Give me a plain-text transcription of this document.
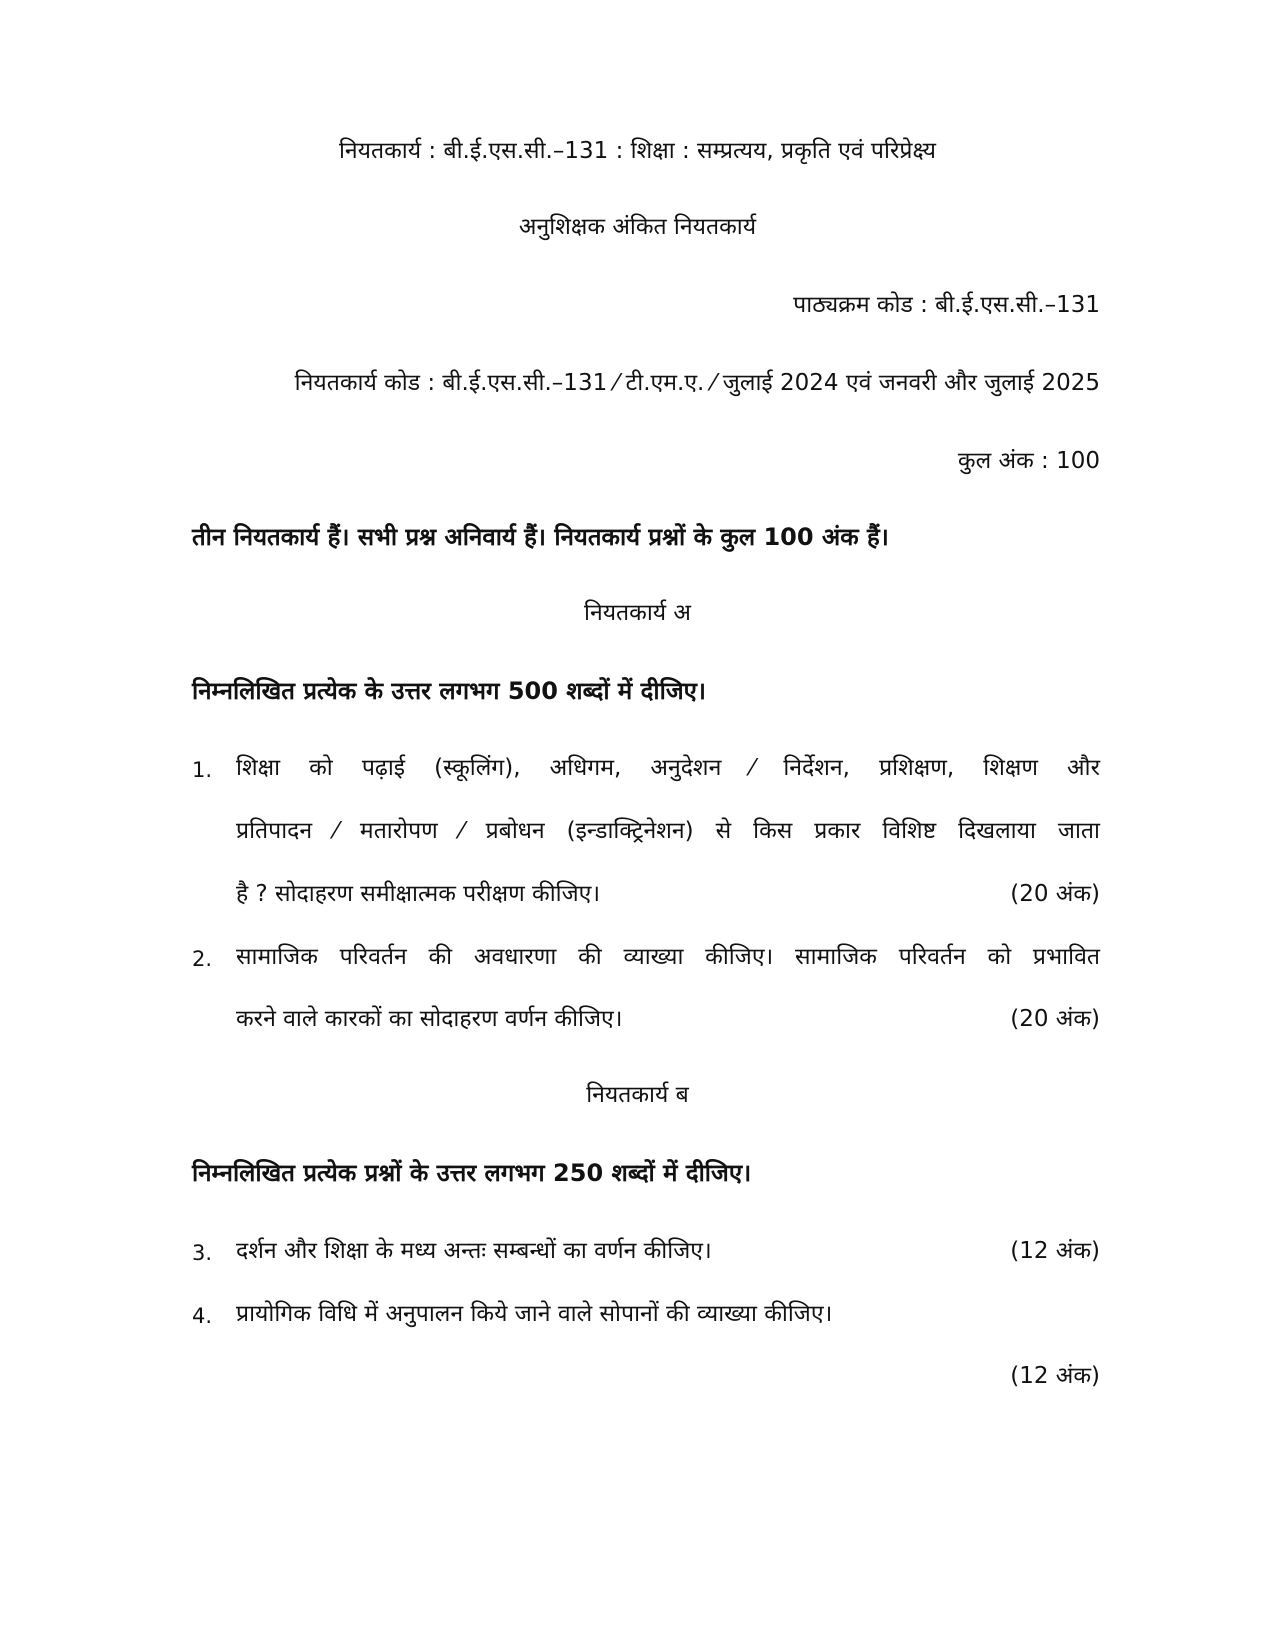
नियतकार्य : बी.ई.एस.सी.–131 : शिक्षा : सम्प्रत्यय, प्रकृति एवं परिप्रेक्ष्य
अनुशिक्षक अंकित नियतकार्य
पाठ्यक्रम कोड : बी.ई.एस.सी.–131
नियतकार्य कोड : बी.ई.एस.सी.–131 ⁄ टी.एम.ए. ⁄ जुलाई 2024 एवं जनवरी और जुलाई 2025
कुल अंक : 100
तीन नियतकार्य हैं। सभी प्रश्न अनिवार्य हैं। नियतकार्य प्रश्नों के कुल 100 अंक हैं।
नियतकार्य अ
निम्नलिखित प्रत्येक के उत्तर लगभग 500 शब्दों में दीजिए।
1. शिक्षा को पढ़ाई (स्कूलिंग), अधिगम, अनुदेशन ⁄ निर्देशन, प्रशिक्षण, शिक्षण और
प्रतिपादन ⁄ मतारोपण ⁄ प्रबोधन (इन्डाक्ट्रिनेशन) से किस प्रकार विशिष्ट दिखलाया जाता
है ? सोदाहरण समीक्षात्मक परीक्षण कीजिए।	(20 अंक)
2. सामाजिक परिवर्तन की अवधारणा की व्याख्या कीजिए। सामाजिक परिवर्तन को प्रभावित
करने वाले कारकों का सोदाहरण वर्णन कीजिए।	(20 अंक)
नियतकार्य ब
निम्नलिखित प्रत्येक प्रश्नों के उत्तर लगभग 250 शब्दों में दीजिए।
3. दर्शन और शिक्षा के मध्य अन्तः सम्बन्धों का वर्णन कीजिए।	(12 अंक)
4. प्रायोगिक विधि में अनुपालन किये जाने वाले सोपानों की व्याख्या कीजिए।
(12 अंक)
